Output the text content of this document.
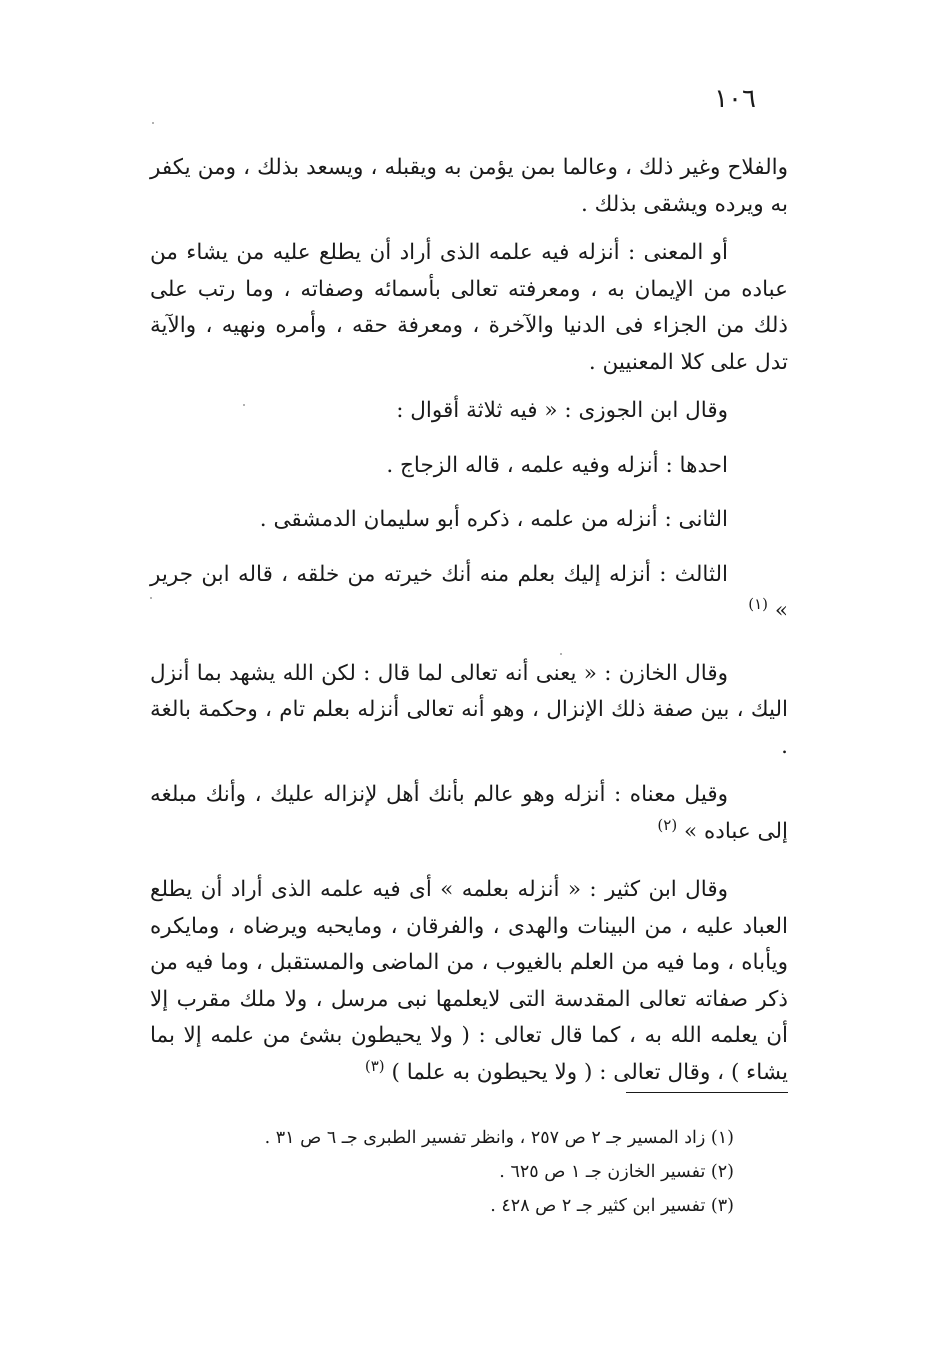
١٠٦

والفلاح وغير ذلك ، وعالما بمن يؤمن به ويقبله ، ويسعد بذلك ، ومن يكفر به ويرده ويشقى بذلك .

أو المعنى : أنزله فيه علمه الذى أراد أن يطلع عليه من يشاء من عباده من الإيمان به ، ومعرفته تعالى بأسمائه وصفاته ، وما رتب على ذلك من الجزاء فى الدنيا والآخرة ، ومعرفة حقه ، وأمره ونهيه ، والآية تدل على كلا المعنيين .

وقال ابن الجوزى : « فيه ثلاثة أقوال :

احدها : أنزله وفيه علمه ، قاله الزجاج .

الثانى : أنزله من علمه ، ذكره أبو سليمان الدمشقى .

الثالث : أنزله إليك بعلم منه أنك خيرته من خلقه ، قاله ابن جرير » $^{(١)}$

وقال الخازن : « يعنى أنه تعالى لما قال : لكن الله يشهد بما أنزل اليك ، بين صفة ذلك الإنزال ، وهو أنه تعالى أنزله بعلم تام ، وحكمة بالغة .

وقيل معناه : أنزله وهو عالم بأنك أهل لإنزاله عليك ، وأنك مبلغه إلى عباده » $^{(٢)}$

وقال ابن كثير : « أنزله بعلمه » أى فيه علمه الذى أراد أن يطلع العباد عليه ، من البينات والهدى ، والفرقان ، ومايحبه ويرضاه ، ومايكره ويأباه ، وما فيه من العلم بالغيوب ، من الماضى والمستقبل ، وما فيه من ذكر صفاته تعالى المقدسة التى لايعلمها نبى مرسل ، ولا ملك مقرب إلا أن يعلمه الله به ، كما قال تعالى : ( ولا يحيطون بشئ من علمه إلا بما يشاء ) ، وقال تعالى : ( ولا يحيطون به علما ) $^{(٣)}$

(١) زاد المسير جـ ٢ ص ٢٥٧ ، وانظر تفسير الطبرى جـ ٦ ص ٣١ .

(٢) تفسير الخازن جـ ١ ص ٦٢٥ .

(٣) تفسير ابن كثير جـ ٢ ص ٤٢٨ .
